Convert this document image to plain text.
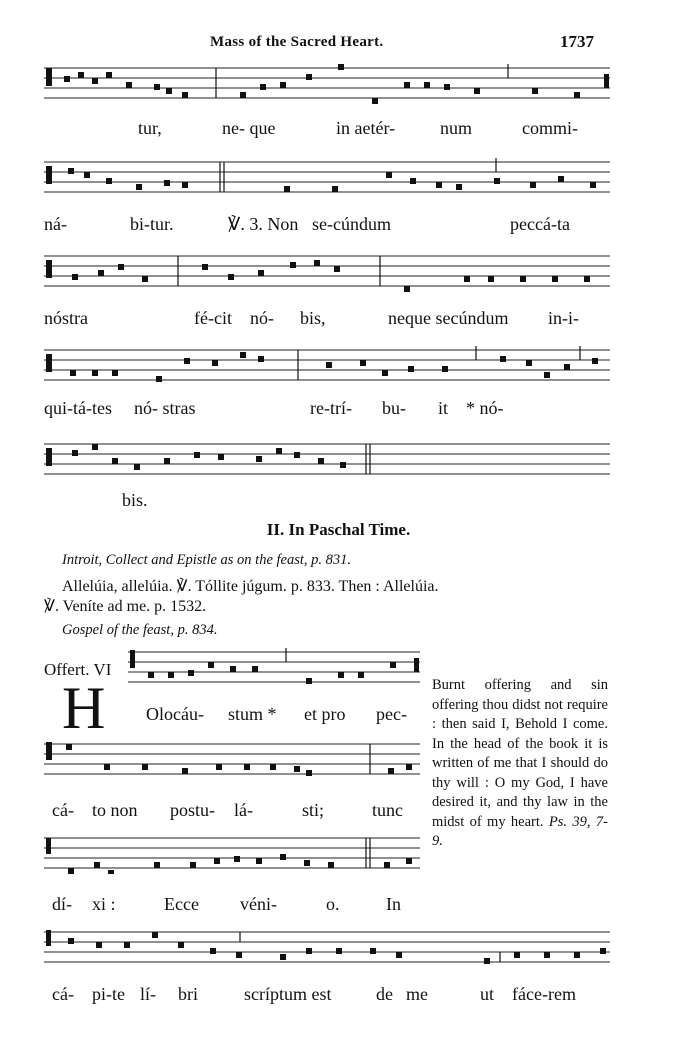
Mass of the Sacred Heart.	1737
tur,	ne- que	in aetér- num	commi-
ná-	bi-tur.	℣. 3. Non se-cúndum	peccá-ta
nóstra	fé-cit nó- bis,	neque secúndum in-i-
qui-tá-tes nó- stras	re-trí- bu- it * nó-
bis.
II. In Paschal Time.
Introit, Collect and Epistle as on the feast, p. 831.
Allelúia, allelúia. ℣. Tóllite júgum. p. 833. Then : Allelúia.
℣. Veníte ad me. p. 1532.
Gospel of the feast, p. 834.
Offert. VI
H Olocáu- stum * et pro pec-
cá- to non postu- lá-	sti;	tunc
dí- xi :	Ecce véni-	o.	In
cá- pi-te lí- bri	scríptum est de me	ut fáce-rem
Burnt offering and sin offering thou didst not require : then said I, Behold I come. In the head of the book it is written of me that I should do thy will : O my God, I have desired it, and thy law in the midst of my heart. Ps. 39, 7-9.
